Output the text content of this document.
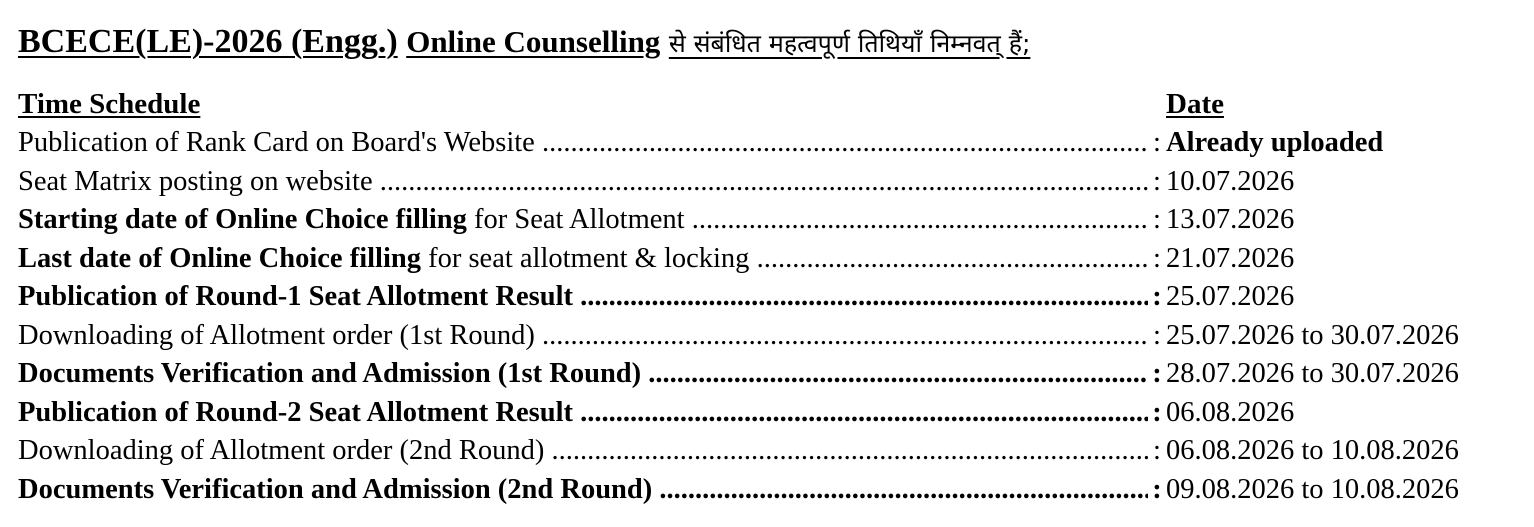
BCECE(LE)-2026 (Engg.) Online Counselling से संबंधित महत्वपूर्ण तिथियाँ निम्नवत् हैं;
Time Schedule	Date
Publication of Rank Card on Board's Website .....	: Already uploaded
Seat Matrix posting on website .....	: 10.07.2026
Starting date of Online Choice filling for Seat Allotment .....	: 13.07.2026
Last date of Online Choice filling for seat allotment & locking .....	: 21.07.2026
Publication of Round-1 Seat Allotment Result .....	: 25.07.2026
Downloading of Allotment order (1st Round) .....	: 25.07.2026 to 30.07.2026
Documents Verification and Admission (1st Round) .....	: 28.07.2026 to 30.07.2026
Publication of Round-2 Seat Allotment Result .....	: 06.08.2026
Downloading of Allotment order (2nd Round) .....	: 06.08.2026 to 10.08.2026
Documents Verification and Admission (2nd Round) .....	: 09.08.2026 to 10.08.2026
